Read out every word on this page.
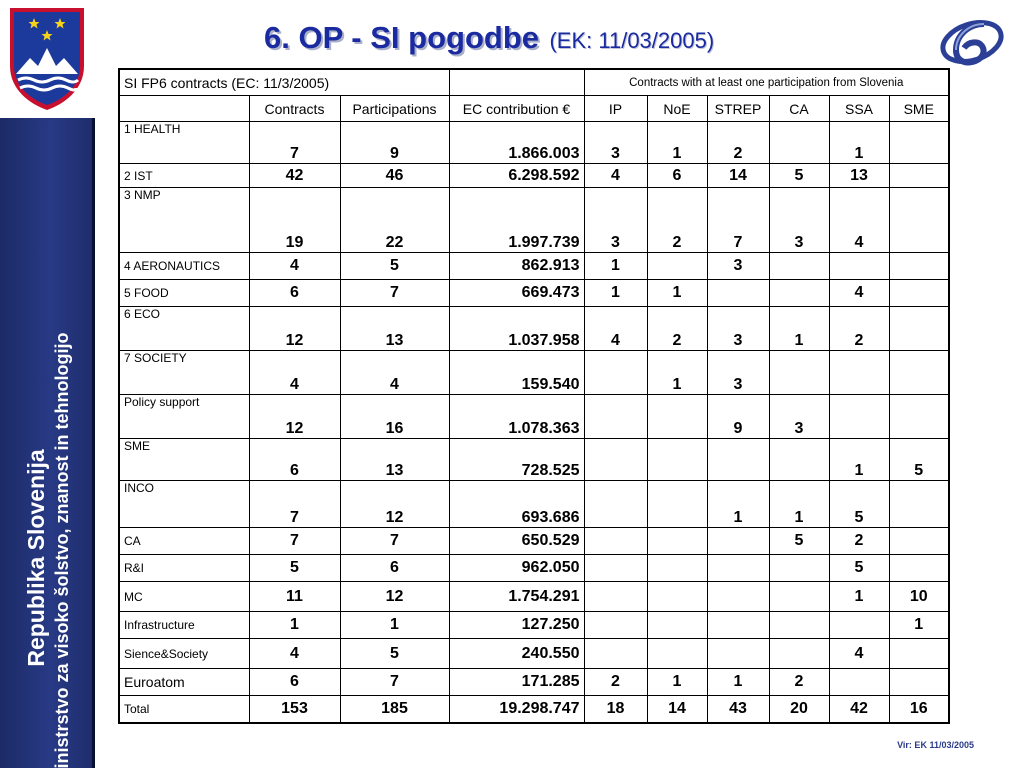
Republika Slovenija Ministrstvo za visoko šolstvo, znanost in tehnologijo
6. OP - SI pogodbe (EK: 11/03/2005)
SI FP6 contracts (EC: 11/3/2005)				Contracts with at least one participation from Slovenia					
	Contracts	Participations	EC contribution €	IP	NoE	STREP	CA	SSA	SME
1 HEALTH	7	9	1.866.003	3	1	2		1	
2 IST	42	46	6.298.592	4	6	14	5	13	
3 NMP	19	22	1.997.739	3	2	7	3	4	
4 AERONAUTICS	4	5	862.913	1		3			
5 FOOD	6	7	669.473	1	1			4	
6 ECO	12	13	1.037.958	4	2	3	1	2	
7 SOCIETY	4	4	159.540		1	3			
Policy support	12	16	1.078.363			9	3		
SME	6	13	728.525					1	5
INCO	7	12	693.686			1	1	5	
CA	7	7	650.529				5	2	
R&I	5	6	962.050					5	
MC	11	12	1.754.291					1	10
Infrastructure	1	1	127.250						1
Sience&Society	4	5	240.550					4	
Euroatom	6	7	171.285	2	1	1	2		
Total	153	185	19.298.747	18	14	43	20	42	16
Vir: EK 11/03/2005
